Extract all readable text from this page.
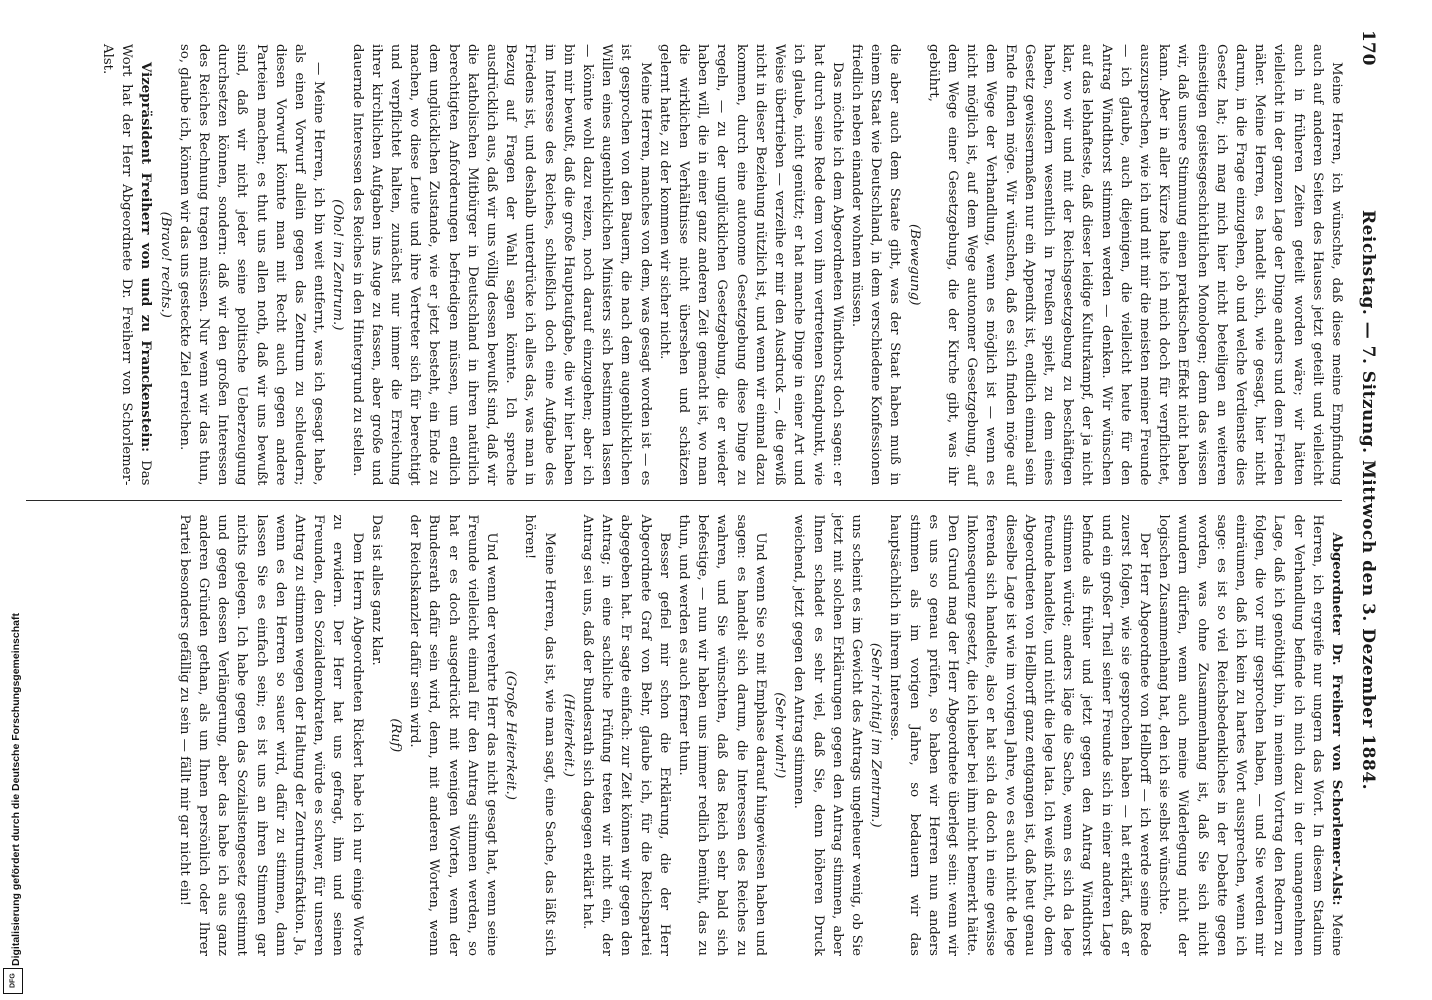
170
Reichstag. — 7. Sitzung. Mittwoch den 3. Dezember 1884.

Meine Herren, ich wünschte, daß diese meine Empfindung auch auf anderen Seiten des Hauses jetzt geteilt und vielleicht auch in früheren Zeiten geteilt worden wäre; wir hätten vielleicht in der ganzen Lage der Dinge anders und dem Frieden näher. Meine Herren, es handelt sich, wie gesagt, hier nicht darum, in die Frage einzugehen, ob und welche Verdienste dies Gesetz hat; ich mag mich hier nicht beteiligen an weiteren einseitigen geistesgeschichtlichen Monologen; denn das wissen wir, daß unsere Stimmung einen praktischen Effekt nicht haben kann. Aber in aller Kürze halte ich mich doch für verpflichtet, auszusprechen, wie ich und mit mir die meisten meiner Freunde — ich glaube, auch diejenigen, die vielleicht heute für den Antrag Windthorst stimmen werden — denken. Wir wünschen auf das lebhafteste, daß dieser leidige Kulturkampf, der ja nicht klar, wo wir und mit der Reichsgesetzgebung zu beschäftigen haben, sondern wesentlich in Preußen spielt, zu dem eines Gesetz gewissermaßen nur ein Appendix ist, endlich einmal sein Ende finden möge. Wir wünschen, daß es sich finden möge auf dem Wege der Verhandlung, wenn es möglich ist — wenn es nicht möglich ist, auf dem Wege autonomer Gesetzgebung, auf dem Wege einer Gesetzgebung, die der Kirche gibt, was ihr gebührt,

(Bewegung)

die aber auch dem Staate gibt, was der Staat haben muß in einem Staat wie Deutschland, in dem verschiedene Konfessionen friedlich neben einander wohnen müssen.

Das möchte ich dem Abgeordneten Windthorst doch sagen: er hat durch seine Rede dem von ihm vertretenen Standpunkt, wie ich glaube, nicht genützt; er hat manche Dinge in einer Art und Weise übertrieben — verzeihe er mir den Ausdruck —, die gewiß nicht in dieser Beziehung nützlich ist, und wenn wir einmal dazu kommen, durch eine autonome Gesetzgebung diese Dinge zu regeln, — zu der unglücklichen Gesetzgebung, die er wieder haben will, die in einer ganz anderen Zeit gemacht ist, wo man die wirklichen Verhältnisse nicht übersehen und schätzen gelernt hatte, zu der kommen wir sicher nicht.

Meine Herren, manches von dem, was gesagt worden ist — es ist gesprochen von den Bauern, die nach dem augenblicklichen Willen eines augenblicklichen Ministers sich bestimmen lassen — könnte wohl dazu reizen, noch darauf einzugehen; aber ich bin mir bewußt, daß die große Hauptaufgabe, die wir hier haben im Interesse des Reiches, schließlich doch eine Aufgabe des Friedens ist, und deshalb unterdrücke ich alles das, was man in Bezug auf Fragen der Wahl sagen könnte. Ich spreche ausdrücklich aus, daß wir uns völlig dessen bewußt sind, daß wir die katholischen Mitbürger in Deutschland in ihren natürlich berechtigten Anforderungen befriedigen müssen, um endlich dem unglücklichen Zustande, wie er jetzt besteht, ein Ende zu machen, wo diese Leute und ihre Vertreter sich für berechtigt und verpflichtet halten, zunächst nur immer die Erreichung ihrer kirchlichen Aufgaben ins Auge zu fassen, aber große und dauernde Interessen des Reiches in den Hintergrund zu stellen.

(Oho! im Zentrum.)

— Meine Herren, ich bin weit entfernt, was ich gesagt habe, als einen Vorwurf allein gegen das Zentrum zu schleudern; diesen Vorwurf könnte man mit Recht auch gegen andere Parteien machen; es thut uns allen noth, daß wir uns bewußt sind, daß wir nicht jeder seine politische Ueberzeugung durchsetzen können, sondern: daß wir den großen Interessen des Reiches Rechnung tragen müssen. Nur wenn wir das thun, so, glaube ich, können wir das uns gesteckte Ziel erreichen.

(Bravo! rechts.)

Vizepräsident Freiherr von und zu Franckenstein: Das Wort hat der Herr Abgeordnete Dr. Freiherr von Schorlemer-Alst.

Abgeordneter Dr. Freiherr von Schorlemer-Alst: Meine Herren, ich ergreife nur ungern das Wort. In diesem Stadium der Verhandlung befinde ich mich dazu in der unangenehmen Lage, daß ich genöthigt bin, in meinem Vortrag den Rednern zu folgen, die vor mir gesprochen haben, — und Sie werden mir einräumen, daß ich kein zu hartes Wort aussprechen, wenn ich sage: es ist so viel Reichsbedenkliches in der Debatte gegen worden, was ohne Zusammenhang ist, daß Sie sich nicht wundern dürfen, wenn auch meine Widerlegung nicht der logischen Zusammenhang hat, den ich sie selbst wünschte.

Der Herr Abgeordnete von Hellborff — ich werde seine Rede zuerst folgen, wie sie gesprochen haben — hat erklärt, daß er und ein großer Theil seiner Freunde sich in einer anderen Lage befinde als früher und jetzt gegen den Antrag Windthorst stimmen würde; anders läge die Sache, wenn es sich da lege freunde handelte, und nicht die lege lata. Ich weiß nicht, ob dem Abgeordneten von Hellborff ganz entgangen ist, daß heut genau dieselbe Lage ist wie im vorigen Jahre, wo es auch nicht de lege ferenda sich handelte, also er hat sich da doch in eine gewisse Inkonsequenz gesetzt, die ich lieber bei ihm nicht bemerkt hätte. Den Grund mag der Herr Abgeordnete überlegt sein: wenn wir es uns so genau prüfen, so haben wir Herren nun anders stimmen als im vorigen Jahre, so bedauern wir das hauptsächlich in ihrem Interesse.

(Sehr richtig! im Zentrum.)

uns scheint es im Gewicht des Antrags ungeheuer wenig, ob Sie jetzt mit solchen Erklärungen gegen den Antrag stimmen, aber Ihnen schadet es sehr viel, daß Sie, denn höheren Druck weichend, jetzt gegen den Antrag stimmen.

(Sehr wahr!)

Und wenn Sie so mit Emphase darauf hingewiesen haben und sagen: es handelt sich darum, die Interessen des Reiches zu wahren, und Sie wünschten, daß das Reich sehr bald sich befestige, — nun wir haben uns immer redlich bemüht, das zu thun, und werden es auch ferner thun.

Besser gefiel mir schon die Erklärung, die der Herr Abgeordnete Graf von Behr, glaube ich, für die Reichspartei abgegeben hat. Er sagte einfach: zur Zeit können wir gegen den Antrag; in eine sachliche Prüfung treten wir nicht ein, der Antrag sei uns, daß der Bundesrath sich dagegen erklärt hat.

(Heiterkeit.)

Meine Herren, das ist, wie man sagt, eine Sache, das läßt sich hören!

(Große Heiterkeit.)

Und wenn der verehrte Herr das nicht gesagt hat, wenn seine Freunde vielleicht einmal für den Antrag stimmen werden, so hat er es doch ausgedrückt mit wenigen Worten, wenn der Bundesrath dafür sein wird, denn, mit anderen Worten, wenn der Reichskanzler dafür sein wird.

(Ruf)

Das ist alles ganz klar.

Dem Herrn Abgeordneten Rickert habe ich nur einige Worte zu erwidern. Der Herr hat uns gefragt, ihm und seinen Freunden, den Sozialdemokraten, würde es schwer, für unseren Antrag zu stimmen wegen der Haltung der Zentrumsfraktion. Ja, wenn es den Herren so sauer wird, dafür zu stimmen, dann lassen Sie es einfach sein; es ist uns an ihren Stimmen gar nichts gelegen. Ich habe gegen das Sozialistengesetz gestimmt und gegen dessen Verlängerung, aber das habe ich aus ganz anderen Gründen gethan, als um Ihnen persönlich oder Ihrer Partei besonders gefällig zu sein — fällt mir gar nicht ein!

Digitalisierung gefördert durch die Deutsche Forschungsgemeinschaft
DFG
